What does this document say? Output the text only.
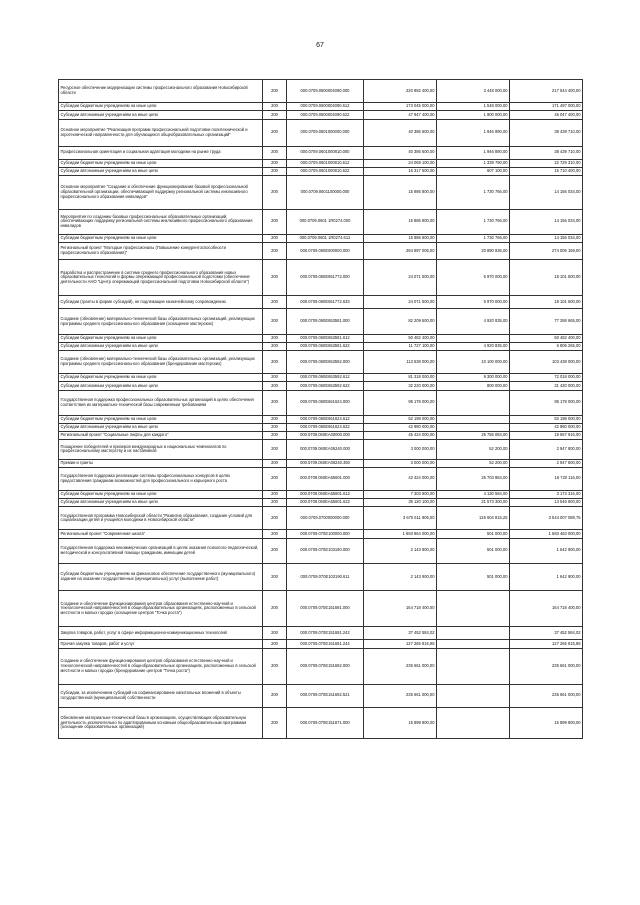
67
Ресурсное обеспечение модернизации системы профессионального образования Новосибирской области	200	000.0709.0600004090.000	220 892 400,00	3 448 000,00	217 544 400,00
Субсидии бюджетным учреждениям на иные цели	200	000.0709.0600004090.612	173 045 000,00	1 548 000,00	171 497 000,00
Субсидии автономным учреждениям на иные цели	200	000.0709.0600004090.622	47 947 400,00	1 900 000,00	46 047 400,00
Основное мероприятие "Реализация программ профессиональной подготовки политехнической и агротехнической направленности для обучающихся общеобразовательных организаций"	200	000.0709.0601000000.000	40 386 600,00	1 946 890,00	38 439 710,00
Профессиональная ориентация и социальная адаптация молодежи на рынке труда	200	000.0709.0601000810.000	40 386 600,00	1 946 890,00	38 439 710,00
Субсидии бюджетным учреждениям на иные цели	200	000.0709.0601000810.612	24 069 100,00	1 339 790,00	22 729 310,00
Субсидии автономным учреждениям на иные цели	200	000.0709.0601000810.622	16 317 500,00	607 100,00	15 710 400,00
Основное мероприятие "Создание и обеспечение функционирования базовой профессиональной образовательной организации, обеспечивающей поддержку региональной системы инклюзивного профессионального образования инвалидов"	200	000.0709.0601100000.000	15 886 800,00	1 730 766,00	14 156 034,00
Мероприятия по созданию базовых профессиональных образовательных организаций, обеспечивающих поддержку региональной системы инклюзивного профессионального образования инвалидов	200	000.0709.0601 1R0274.000	15 886 800,00	1 730 766,00	14 156 034,00
Субсидии бюджетным учреждениям на иные цели	200	000.0709.0601 1R0274.612	15 886 800,00	1 730 766,00	14 156 034,00
Региональный проект "Молодые профессионалы (Повышение конкурентоспособности профессионального образования)"	200	000.0709.060E600000.000	294 997 005,00	20 890 836,00	274 006 169,00
Разработка и распространение в системе среднего профессионального образования новых образовательных технологий и формы опережающей профессиональной подготовки (обеспечение деятельности АНО "Центр опережающей профессиональной подготовки Новосибирской области")	200	000.0709.060E651772.000	24 071 500,00	5 970 000,00	18 101 500,00
Субсидии (гранты в форме субсидий), не подлежащие казначейскому сопровождению	200	000.0709.060E651772.633	24 071 500,00	5 970 000,00	18 101 500,00
Создание (обновление) материально-технической базы образовательных организаций, реализующих программы среднего профессионального образования (оснащение мастерских)	200	000.0709.060E653581.000	82 209 500,00	4 920 835,00	77 288 665,00
Субсидии бюджетным учреждениям на иные цели	200	000.0709.060E653581.612	50 482 400,00		50 482 400,00
Субсидии автономным учреждениям на иные цели	200	000.0709.060E653581.622	11 727 100,00	4 920 835,00	6 806 265,00
Создание (обновление) материально-технической базы образовательных организаций, реализующих программы среднего профессионального образования (брендирование мастерских)	200	000.0709.060E653592.000	113 538 000,00	10 100 000,00	103 438 000,00
Субсидии бюджетным учреждениям на иные цели	200	000.0709.060E653592.612	81 318 000,00	9 300 000,00	72 018 000,00
Субсидии автономным учреждениям на иные цели	200	000.0709.060E653592.622	32 220 000,00	800 000,00	31 420 000,00
Государственная поддержка профессиональных образовательных организаций в целях обеспечения соответствия их материально-технической базы современным требованиям	200	000.0709.060E661624.000	95 178 000,00		95 178 000,00
Субсидии бюджетным учреждениям на иные цели	200	000.0709.060E661624.612	52 198 000,00		52 198 000,00
Субсидии автономным учреждениям на иные цели	200	000.0709.060E661624.622	42 980 000,00		42 980 000,00
Региональный проект "Социальные лифты для каждого"	200	000.0709.060EA00000.000	45 424 000,00	25 756 084,00	19 667 916,00
Поощрение победителей и призеров международных и национальных чемпионатов по профессиональному мастерству и их наставников	200	000.0709.060EA06240.000	3 000 000,00	52 200,00	2 947 800,00
Премии и гранты	200	000.0709.060EA06240.350	3 000 000,00	52 200,00	2 947 800,00
Государственная поддержка реализации системы профессиональных конкурсов в целях предоставления гражданам возможностей для профессионального и карьерного роста	200	000.0709.060EA65601.000	42 424 000,00	25 703 884,00	16 720 116,00
Субсидии бюджетным учреждениям на иные цели	200	000.0709.060EA65601.612	7 303 900,00	4 130 584,00	3 173 316,00
Субсидии автономным учреждениям на иные цели	200	000.0709.060EA65601.622	35 120 100,00	21 573 300,00	13 546 800,00
Государственная программа Новосибирской области "Развитие образования, создание условий для социализации детей и учащейся молодежи в Новосибирской области"	200	000.0709.0700000000.000	3 670 611 905,00	126 604 815,25	3 544 007 089,75
Региональный проект "Современная школа"	200	000.0709.070E100000.000	1 683 964 000,00	501 000,00	1 683 463 000,00
Государственная поддержка некоммерческих организаций в целях оказания психолого-педагогической, методической и консультативной помощи гражданам, имеющим детей	200	000.0709.070E103190.000	2 143 900,00	501 000,00	1 642 900,00
Субсидии бюджетным учреждениям на финансовое обеспечение государственного (муниципального) задания на оказание государственных (муниципальных) услуг (выполнение работ)	200	000.0709.070E103190.611	2 143 900,00	501 000,00	1 642 900,00
Создание и обеспечение функционирования центров образования естественно-научной и технологической направленностей в общеобразовательных организациях, расположенных в сельской местности и малых городах (оснащение центров "Точка роста")	200	000.0709.070E151691.000	164 718 400,00		164 718 400,00
Закупка товаров, работ, услуг в сфере информационно-коммуникационных технологий	200	000.0709.070E151691.242	37 452 584,02		37 452 584,02
Прочая закупка товаров, работ и услуг	200	000.0709.070E151691.244	127 265 815,98		127 265 815,98
Создание и обеспечение функционирования центров образования естественно-научной и технологической направленностей в общеобразовательных организациях, расположенных в сельской местности и малых городах (брендирование центров "Точка роста")	200	000.0709.070E151692.000	235 661 000,00		235 661 000,00
Субсидии, за исключением субсидий на софинансирование капитальных вложений в объекты государственной (муниципальной) собственности	200	000.0709.070E151692.521	235 661 000,00		235 661 000,00
Обновление материально-технической базы в организациях, осуществляющих образовательную деятельность исключительно по адаптированным основным общеобразовательным программам (оснащение образовательных организаций)	200	000.0709.070E151871.000	15 899 800,00		15 899 800,00
